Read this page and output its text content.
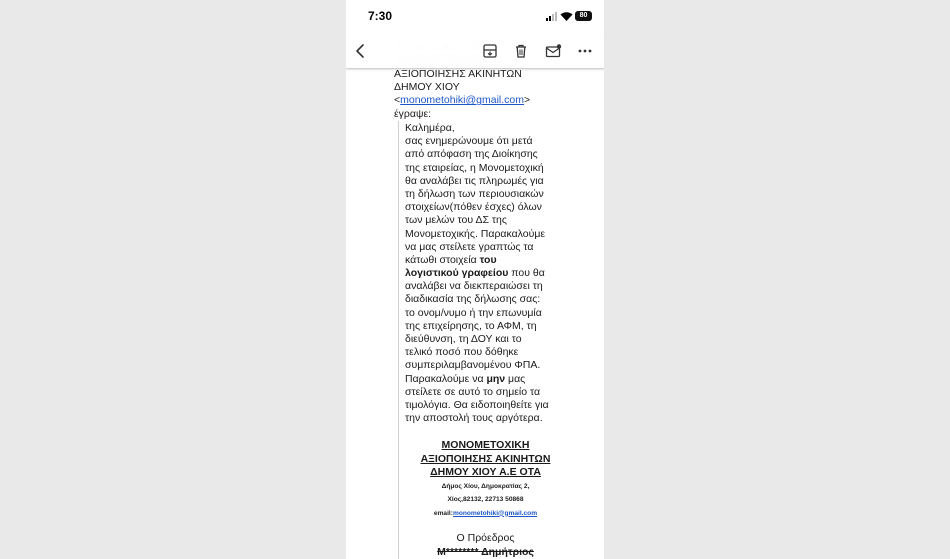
7:30	80
ΑΞΙΟΠΟΙΗΣΗΣ ΑΚΙΝΗΤΩΝ
ΔΗΜΟΥ ΧΙΟΥ
<monometohiki@gmail.com>
έγραψε:
Καλημέρα,
σας ενημερώνουμε ότι μετά
από απόφαση της Διοίκησης
της εταιρείας, η Μονομετοχική
θα αναλάβει τις πληρωμές για
τη δήλωση των περιουσιακών
στοιχείων(πόθεν έσχες) όλων
των μελών του ΔΣ της
Μονομετοχικής. Παρακαλούμε
να μας στείλετε γραπτώς τα
κάτωθι στοιχεία του
λογιστικού γραφείου που θα
αναλάβει να διεκπεραιώσει τη
διαδικασία της δήλωσης σας:
το ονομ/νυμο ή την επωνυμία
της επιχείρησης, το ΑΦΜ, τη
διεύθυνση, τη ΔΟΥ και το
τελικό ποσό που δόθηκε
συμπεριλαμβανομένου ΦΠΑ.
Παρακαλούμε να μην μας
στείλετε σε αυτό το σημείο τα
τιμολόγια. Θα ειδοποιηθείτε για
την αποστολή τους αργότερα.
ΜΟΝΟΜΕΤΟΧΙΚΗ
ΑΞΙΟΠΟΙΗΣΗΣ ΑΚΙΝΗΤΩΝ
ΔΗΜΟΥ ΧΙΟΥ Α.Ε ΟΤΑ
Δήμος Χίου, Δημοκρατίας 2,
Χίος,82132, 22713 50868
email:monometohiki@gmail.com
Ο Πρόεδρος
Μ******** Δημήτριος
